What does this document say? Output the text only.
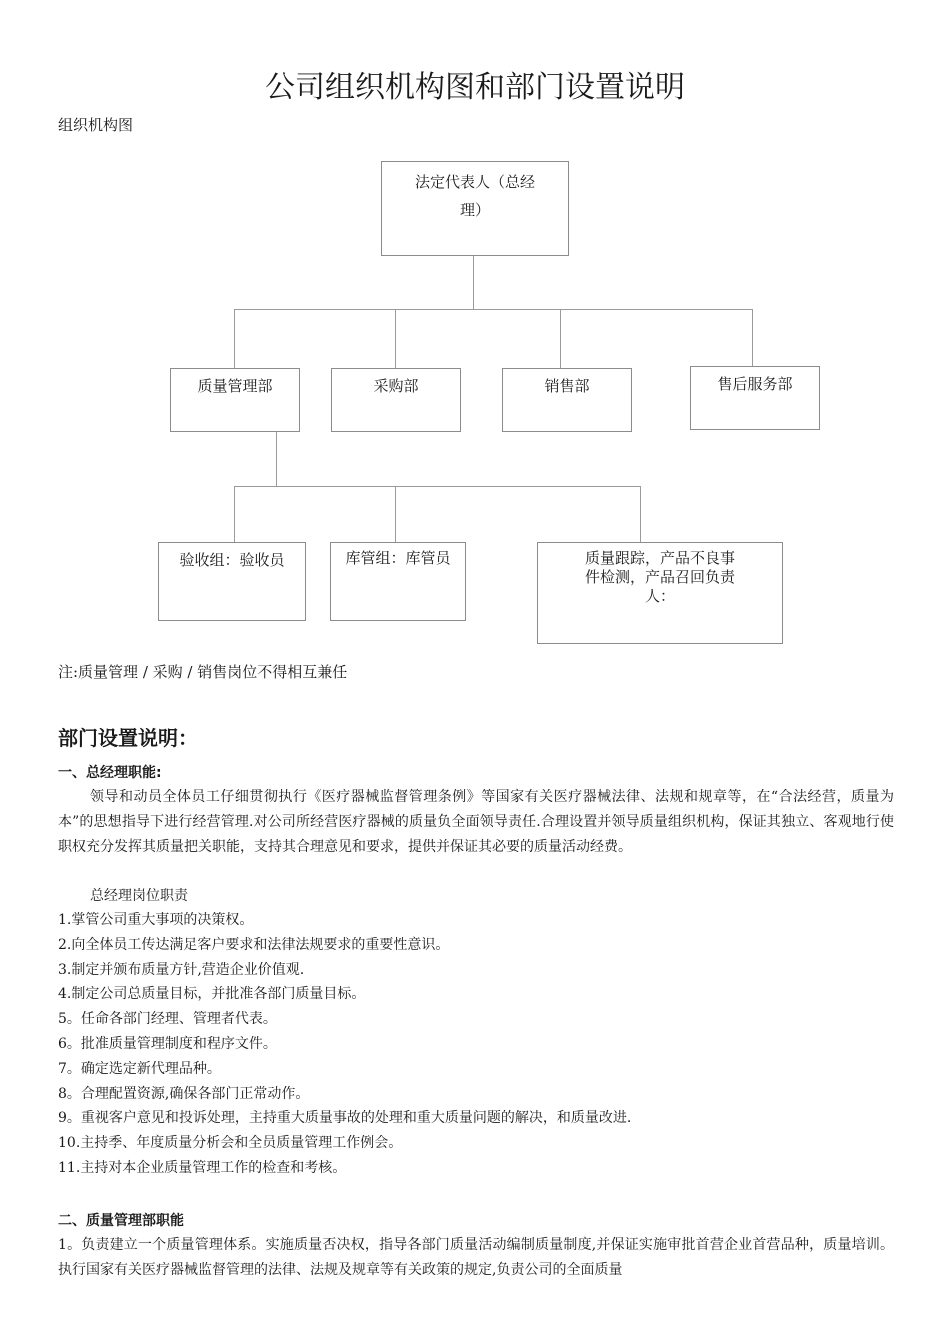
公司组织机构图和部门设置说明
组织机构图
法定代表人（总经理）
质量管理部	采购部	销售部	售后服务部
验收组：验收员	库管组：库管员	质量跟踪，产品不良事件检测，产品召回负责人：
注:质量管理 / 采购 / 销售岗位不得相互兼任
部门设置说明：
一、总经理职能:
领导和动员全体员工仔细贯彻执行《医疗器械监督管理条例》等国家有关医疗器械法律、法规和规章等，在“合法经营，质量为本”的思想指导下进行经营管理.对公司所经营医疗器械的质量负全面领导责任.合理设置并领导质量组织机构，保证其独立、客观地行使职权充分发挥其质量把关职能，支持其合理意见和要求，提供并保证其必要的质量活动经费。
总经理岗位职责
1.掌管公司重大事项的决策权。
2.向全体员工传达满足客户要求和法律法规要求的重要性意识。
3.制定并颁布质量方针,营造企业价值观.
4.制定公司总质量目标，并批准各部门质量目标。
5。任命各部门经理、管理者代表。
6。批准质量管理制度和程序文件。
7。确定选定新代理品种。
8。合理配置资源,确保各部门正常动作。
9。重视客户意见和投诉处理，主持重大质量事故的处理和重大质量问题的解决，和质量改进.
10.主持季、年度质量分析会和全员质量管理工作例会。
11.主持对本企业质量管理工作的检查和考核。
二、质量管理部职能
1。负责建立一个质量管理体系。实施质量否决权，指导各部门质量活动编制质量制度,并保证实施审批首营企业首营品种，质量培训。执行国家有关医疗器械监督管理的法律、法规及规章等有关政策的规定,负责公司的全面质量
